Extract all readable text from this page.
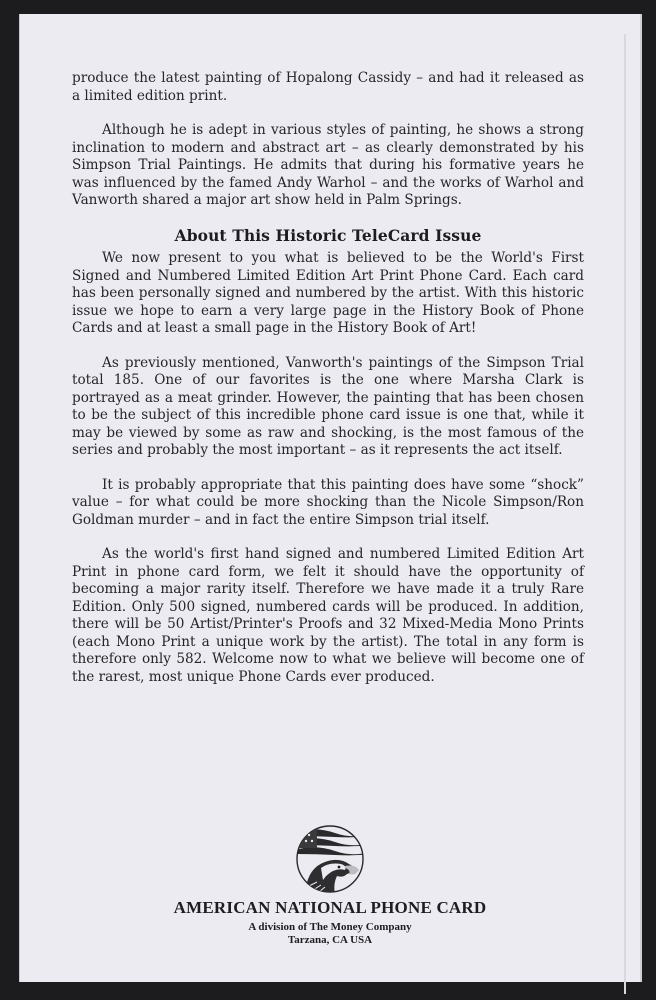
produce the latest painting of Hopalong Cassidy – and had it released as a limited edition print.

Although he is adept in various styles of painting, he shows a strong inclination to modern and abstract art – as clearly demonstrated by his Simpson Trial Paintings. He admits that during his formative years he was influenced by the famed Andy Warhol – and the works of Warhol and Vanworth shared a major art show held in Palm Springs.

About This Historic TeleCard Issue

We now present to you what is believed to be the World's First Signed and Numbered Limited Edition Art Print Phone Card. Each card has been personally signed and numbered by the artist. With this historic issue we hope to earn a very large page in the History Book of Phone Cards and at least a small page in the History Book of Art!

As previously mentioned, Vanworth's paintings of the Simpson Trial total 185. One of our favorites is the one where Marsha Clark is portrayed as a meat grinder. However, the painting that has been chosen to be the subject of this incredible phone card issue is one that, while it may be viewed by some as raw and shocking, is the most famous of the series and probably the most important – as it represents the act itself.

It is probably appropriate that this painting does have some “shock” value – for what could be more shocking than the Nicole Simpson/Ron Goldman murder – and in fact the entire Simpson trial itself.

As the world's first hand signed and numbered Limited Edition Art Print in phone card form, we felt it should have the opportunity of becoming a major rarity itself. Therefore we have made it a truly Rare Edition. Only 500 signed, numbered cards will be produced. In addition, there will be 50 Artist/Printer's Proofs and 32 Mixed-Media Mono Prints (each Mono Print a unique work by the artist). The total in any form is therefore only 582. Welcome now to what we believe will become one of the rarest, most unique Phone Cards ever produced.

AMERICAN NATIONAL PHONE CARD
A division of The Money Company
Tarzana, CA USA
